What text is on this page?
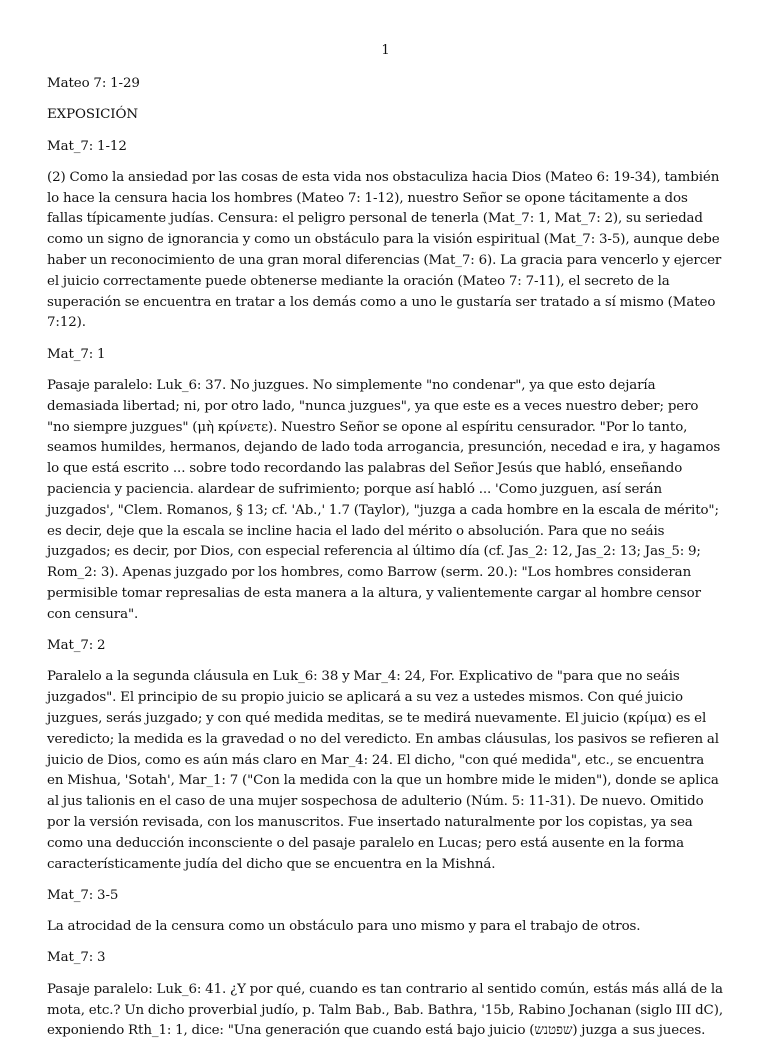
1

Mateo 7: 1-29

EXPOSICIÓN

Mat_7: 1-12

(2) Como la ansiedad por las cosas de esta vida nos obstaculiza hacia Dios (Mateo 6: 19-34), también lo hace la censura hacia los hombres (Mateo 7: 1-12), nuestro Señor se opone tácitamente a dos fallas típicamente judías. Censura: el peligro personal de tenerla (Mat_7: 1, Mat_7: 2), su seriedad como un signo de ignorancia y como un obstáculo para la visión espiritual (Mat_7: 3-5), aunque debe haber un reconocimiento de una gran moral diferencias (Mat_7: 6). La gracia para vencerlo y ejercer el juicio correctamente puede obtenerse mediante la oración (Mateo 7: 7-11), el secreto de la superación se encuentra en tratar a los demás como a uno le gustaría ser tratado a sí mismo (Mateo 7:12).

Mat_7: 1

Pasaje paralelo: Luk_6: 37. No juzgues. No simplemente "no condenar", ya que esto dejaría demasiada libertad; ni, por otro lado, "nunca juzgues", ya que este es a veces nuestro deber; pero "no siempre juzgues" (μὴ κρίνετε). Nuestro Señor se opone al espíritu censurador. "Por lo tanto, seamos humildes, hermanos, dejando de lado toda arrogancia, presunción, necedad e ira, y hagamos lo que está escrito ... sobre todo recordando las palabras del Señor Jesús que habló, enseñando paciencia y paciencia. alardear de sufrimiento; porque así habló ... 'Como juzguen, así serán juzgados', "Clem. Romanos, § 13; cf. 'Ab.,' 1.7 (Taylor), "juzga a cada hombre en la escala de mérito"; es decir, deje que la escala se incline hacia el lado del mérito o absolución. Para que no seáis juzgados; es decir, por Dios, con especial referencia al último día (cf. Jas_2: 12, Jas_2: 13; Jas_5: 9; Rom_2: 3). Apenas juzgado por los hombres, como Barrow (serm. 20.): "Los hombres consideran permisible tomar represalias de esta manera a la altura, y valientemente cargar al hombre censor con censura".

Mat_7: 2

Paralelo a la segunda cláusula en Luk_6: 38 y Mar_4: 24, For. Explicativo de "para que no seáis juzgados". El principio de su propio juicio se aplicará a su vez a ustedes mismos. Con qué juicio juzgues, serás juzgado; y con qué medida meditas, se te medirá nuevamente. El juicio (κρίμα) es el veredicto; la medida es la gravedad o no del veredicto. En ambas cláusulas, los pasivos se refieren al juicio de Dios, como es aún más claro en Mar_4: 24. El dicho, "con qué medida", etc., se encuentra en Mishua, 'Sotah', Mar_1: 7 ("Con la medida con la que un hombre mide le miden"), donde se aplica al jus talionis en el caso de una mujer sospechosa de adulterio (Núm. 5: 11-31). De nuevo. Omitido por la versión revisada, con los manuscritos. Fue insertado naturalmente por los copistas, ya sea como una deducción inconsciente o del pasaje paralelo en Lucas; pero está ausente en la forma característicamente judía del dicho que se encuentra en la Mishná.

Mat_7: 3-5

La atrocidad de la censura como un obstáculo para uno mismo y para el trabajo de otros.

Mat_7: 3

Pasaje paralelo: Luk_6: 41. ¿Y por qué, cuando es tan contrario al sentido común, estás más allá de la mota, etc.? Un dicho proverbial judío, p. Talm Bab., Bab. Bathra, '15b, Rabino Jochanan (siglo III dC), exponiendo Rth_1: 1, dice: "Una generación que cuando está bajo juicio (שפטנש) juzga a sus jueces.
